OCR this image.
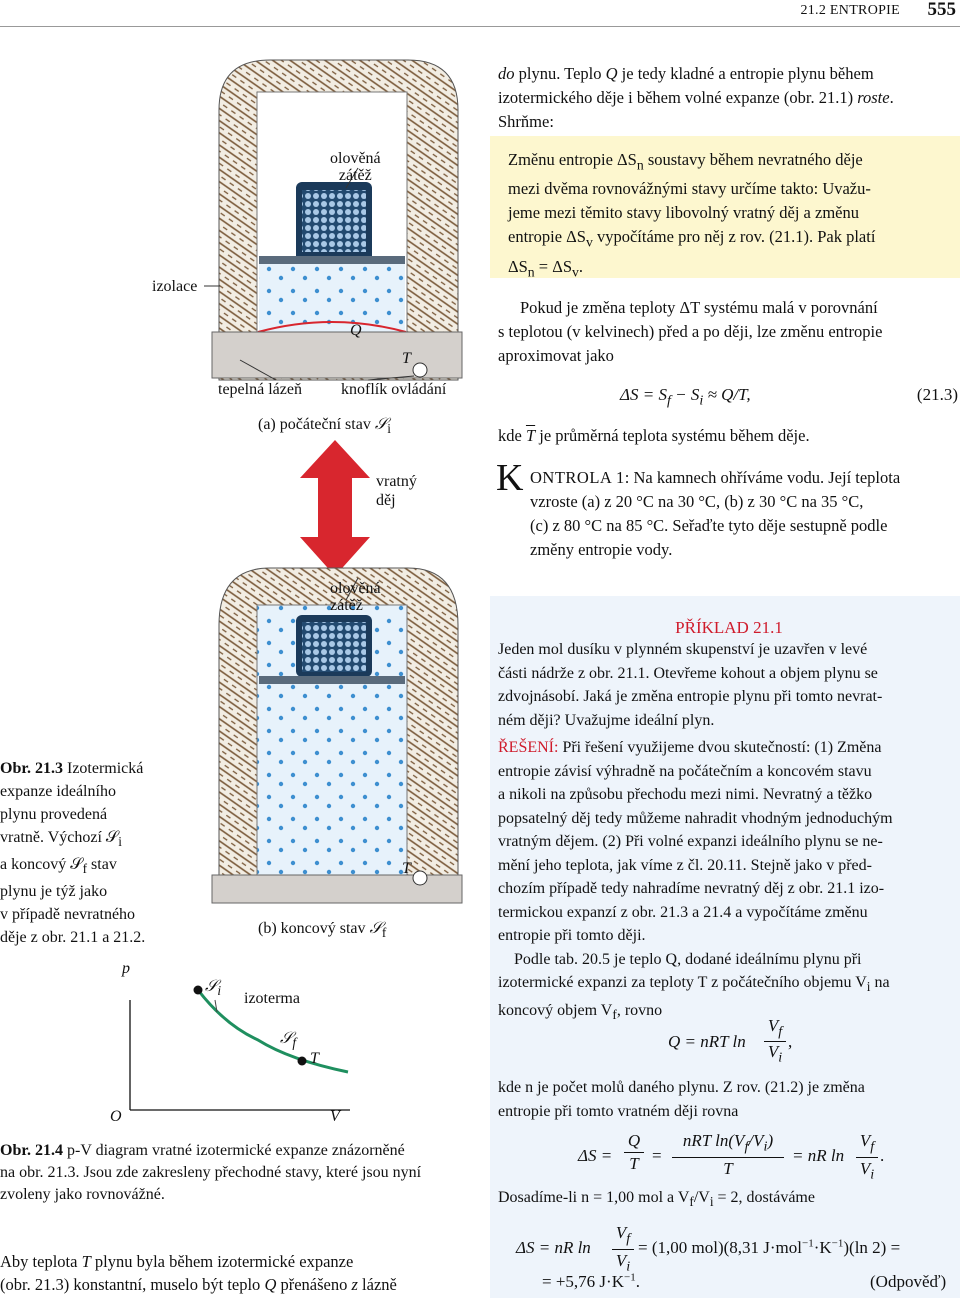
21.2 ENTROPIE 555
do plynu. Teplo Q je tedy kladné a entropie plynu během
izotermického děje i během volné expanze (obr. 21.1) roste.
Shrňme:
Změnu entropie $\Delta S_n$ soustavy během nevratného děje
mezi dvěma rovnovážnými stavy určíme takto: Uvažu-
jeme mezi těmito stavy libovolný vratný děj a změnu
entropie $\Delta S_v$ vypočítáme pro něj z rov. (21.1). Pak platí
$\Delta S_n = \Delta S_v$.
Pokud je změna teploty ΔT systému malá v porovnání
s teplotou (v kelvinech) před a po ději, lze změnu entropie
aproximovat jako
$\Delta S = S_f - S_i \approx Q/T$,	(21.3)
kde $\overline{T}$ je průměrná teplota systému během děje.
K ONTROLA 1: Na kamnech ohříváme vodu. Její teplota
vzroste (a) z 20 °C na 30 °C, (b) z 30 °C na 35 °C,
(c) z 80 °C na 85 °C. Seřaďte tyto děje sestupně podle
změny entropie vody.
PŘÍKLAD 21.1
Jeden mol dusíku v plynném skupenství je uzavřen v levé
části nádrže z obr. 21.1. Otevřeme kohout a objem plynu se
zdvojnásobí. Jaká je změna entropie plynu při tomto nevrat-
ném ději? Uvažujme ideální plyn.
ŘEŠENÍ: Při řešení využijeme dvou skutečností: (1) Změna
entropie závisí výhradně na počátečním a koncovém stavu
a nikoli na způsobu přechodu mezi nimi. Nevratný a těžko
popsatelný děj tedy můžeme nahradit vhodným jednoduchým
vratným dějem. (2) Při volné expanzi ideálního plynu se ne-
mění jeho teplota, jak víme z čl. 20.11. Stejně jako v před-
chozím případě tedy nahradíme nevratný děj z obr. 21.1 izo-
termickou expanzí z obr. 21.3 a 21.4 a vypočítáme změnu
entropie při tomto ději.
Podle tab. 20.5 je teplo Q, dodané ideálnímu plynu při
izotermické expanzi za teploty T z počátečního objemu $V_i$ na
koncový objem $V_f$, rovno
Q = nRT ln
$V_f$
$V_i$
,
kde n je počet molů daného plynu. Z rov. (21.2) je změna
entropie při tomto vratném ději rovna
ΔS =
Q
T =
nRT $\ln(V_f/V_i)$
T
= nR ln
$V_f$
$V_i$
.
Dosadíme-li n = 1,00 mol a $V_f/V_i = 2$, dostáváme
ΔS = nR ln
$V_f$
$V_i$
= (1,00 mol)(8,31 $J\cdot mol^{-1}\cdot K^{-1})(\ln$ 2) =
= +5,76 $J\cdot K^{-1}$.	(Odpověď)
olověná
zátěž
izolace
Q
T
tepelná lázeň knoflík ovládání
(a) počáteční stav 𝒮$_i$
vratný
děj
olověná
zátěž
T
(b) koncový stav 𝒮$_f$
Obr. 21.3 Izotermická
expanze ideálního
plynu provedená
vratně. Výchozí 𝒮$_i$
a koncový 𝒮$_f$ stav
plynu je týž jako
v případě nevratného
děje z obr. 21.1 a 21.2.
p
O	V
𝒮$_i$ izoterma
𝒮$_f$
T
Obr. 21.4 p-V diagram vratné izotermické expanze znázorněné
na obr. 21.3. Jsou zde zakresleny přechodné stavy, které jsou nyní
zvoleny jako rovnovážné.
Aby teplota T plynu byla během izotermické expanze
(obr. 21.3) konstantní, muselo být teplo Q přenášeno z lázně
